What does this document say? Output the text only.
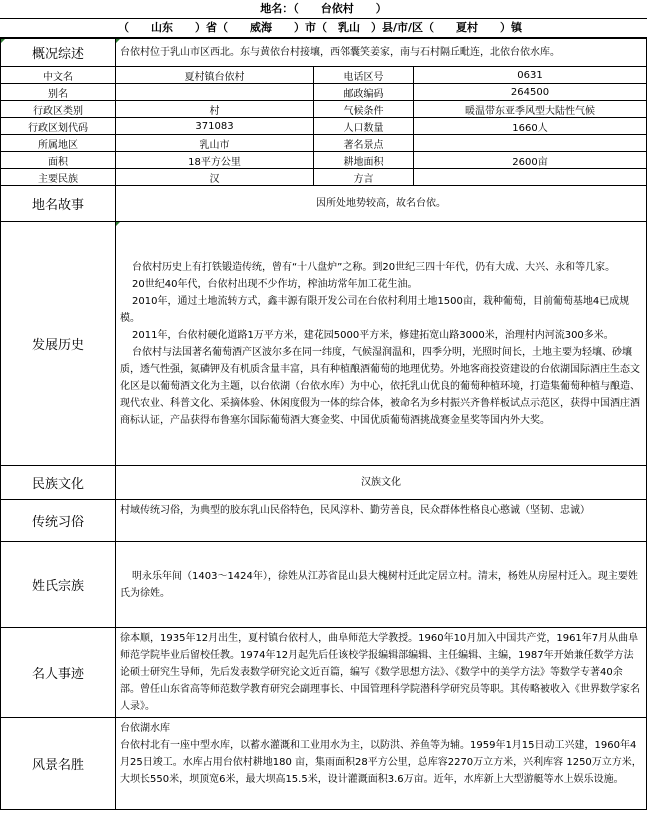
地名：（　　台依村　　）
（　　山东　　）省（　　威海　　）市（　乳山　）县/市/区（　　夏村　　）镇
概况综述	台依村位于乳山市区西北。东与黄依台村接壤，西邻囊笑姜家，南与石村隔丘毗连，北依台依水库。		
中文名	夏村镇台依村	电话区号	0631
别名		邮政编码	264500
行政区类别	村	气候条件	暖温带东亚季风型大陆性气候
行政区划代码	371083	人口数量	1660人
所属地区	乳山市	著名景点	
面积	18平方公里	耕地面积	2600亩
主要民族	汉	方言	
地名故事	因所处地势较高，故名台依。		
发展历史	台依村历史上有打铁锻造传统，曾有“十八盘炉”之称。到20世纪三四十年代，仍有大成、大兴、永和等几家。

20世纪40年代，台依村出现不少作坊，榨油坊常年加工花生油。

2010年，通过土地流转方式，鑫丰源有限开发公司在台依村利用土地1500亩，栽种葡萄，目前葡萄基地4已成规模。

2011年，台依村硬化道路1万平方米，建花园5000平方米，修建拓宽山路3000米，治理村内河流300多米。

台依村与法国著名葡萄酒产区波尔多在同一纬度，气候湿润温和，四季分明，光照时间长，土地主要为轻壤、砂壤质，透气性强，氮磷钾及有机质含量丰富，具有种植酿酒葡萄的地理优势。外地客商投资建设的台依湖国际酒庄生态文化区是以葡萄酒文化为主题，以台依湖（台依水库）为中心，依托乳山优良的葡萄种植环境，打造集葡萄种植与酿造、现代农业、科普文化、采摘体验、休闲度假为一体的综合体，被命名为乡村振兴齐鲁样板试点示范区，获得中国酒庄酒商标认证，产品获得布鲁塞尔国际葡萄酒大赛金奖、中国优质葡萄酒挑战赛金星奖等国内外大奖。		

民族文化	汉族文化		
传统习俗	村域传统习俗，为典型的胶东乳山民俗特色，民风淳朴、勤劳善良，民众群体性格良心憨诚（坚韧、忠诚）		
姓氏宗族	明永乐年间（1403～1424年），徐姓从江苏省昆山县大槐树村迁此定居立村。清末，杨姓从房屋村迁入。现主要姓氏为徐姓。		

名人事迹	徐本顺，1935年12月出生，夏村镇台依村人，曲阜师范大学教授。1960年10月加入中国共产党，1961年7月从曲阜师范学院毕业后留校任教。1974年12月起先后任该校学报编辑部编辑、主任编辑、主编，1987年开始兼任数学方法论硕士研究生导师，先后发表数学研究论文近百篇，编写《数学思想方法》、《数学中的美学方法》等数学专著40余部。曾任山东省高等师范数学教育研究会副理事长、中国管理科学院潜科学研究员等职。其传略被收入《世界数学家名人录》。		
风景名胜	台依湖水库

台依村北有一座中型水库，以蓄水灌溉和工业用水为主，以防洪、养鱼等为辅。1959年1月15日动工兴建，1960年4月25日竣工。水库占用台依村耕地180 亩，集雨面积28平方公里，总库容2270万立方米，兴利库容 1250万立方米，大坝长550米，坝顶宽6米，最大坝高15.5米，设计灌溉面积3.6万亩。近年，水库新上大型游艇等水上娱乐设施。		
